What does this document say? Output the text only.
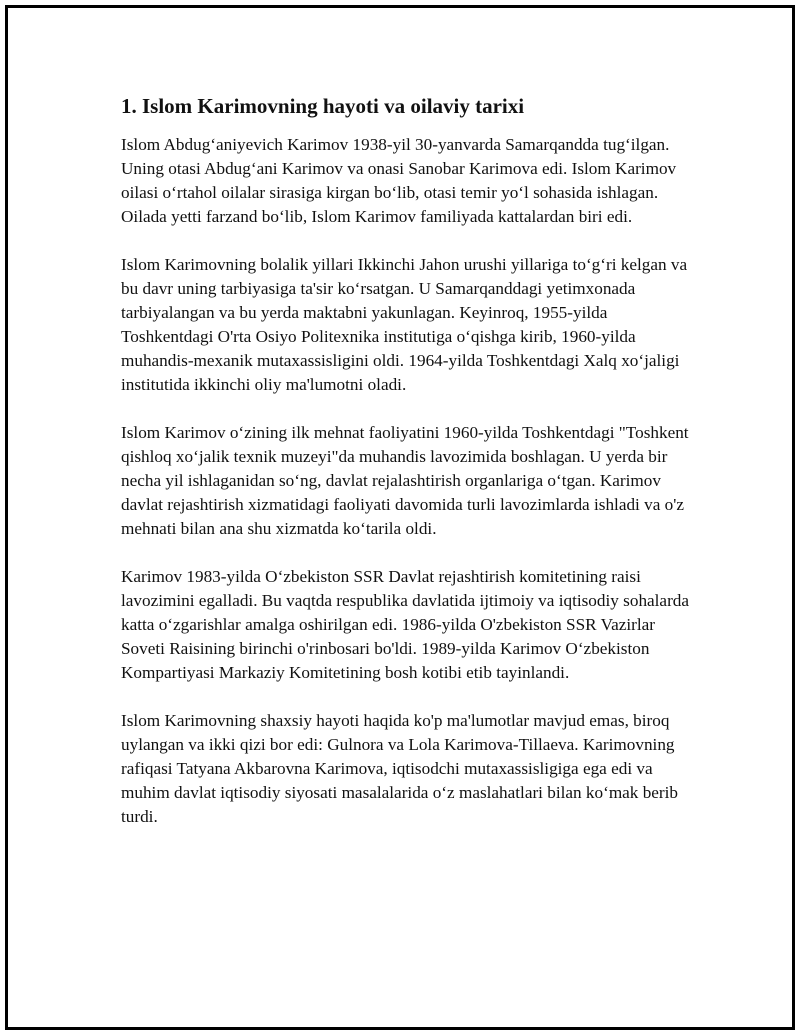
1. Islom Karimovning hayoti va oilaviy tarixi

Islom Abdug‘aniyevich Karimov 1938-yil 30-yanvarda Samarqandda tug‘ilgan. Uning otasi Abdug‘ani Karimov va onasi Sanobar Karimova edi. Islom Karimov oilasi o‘rtahol oilalar sirasiga kirgan bo‘lib, otasi temir yo‘l sohasida ishlagan. Oilada yetti farzand bo‘lib, Islom Karimov familiyada kattalardan biri edi.

Islom Karimovning bolalik yillari Ikkinchi Jahon urushi yillariga to‘g‘ri kelgan va bu davr uning tarbiyasiga ta'sir ko‘rsatgan. U Samarqanddagi yetimxonada tarbiyalangan va bu yerda maktabni yakunlagan. Keyinroq, 1955-yilda Toshkentdagi O'rta Osiyo Politexnika institutiga o‘qishga kirib, 1960-yilda muhandis-mexanik mutaxassisligini oldi. 1964-yilda Toshkentdagi Xalq xo‘jaligi institutida ikkinchi oliy ma'lumotni oladi.

Islom Karimov o‘zining ilk mehnat faoliyatini 1960-yilda Toshkentdagi "Toshkent qishloq xo‘jalik texnik muzeyi"da muhandis lavozimida boshlagan. U yerda bir necha yil ishlaganidan so‘ng, davlat rejalashtirish organlariga o‘tgan. Karimov davlat rejashtirish xizmatidagi faoliyati davomida turli lavozimlarda ishladi va o'z mehnati bilan ana shu xizmatda ko‘tarila oldi.

Karimov 1983-yilda O‘zbekiston SSR Davlat rejashtirish komitetining raisi lavozimini egalladi. Bu vaqtda respublika davlatida ijtimoiy va iqtisodiy sohalarda katta o‘zgarishlar amalga oshirilgan edi. 1986-yilda O'zbekiston SSR Vazirlar Soveti Raisining birinchi o'rinbosari bo'ldi. 1989-yilda Karimov O‘zbekiston Kompartiyasi Markaziy Komitetining bosh kotibi etib tayinlandi.

Islom Karimovning shaxsiy hayoti haqida ko'p ma'lumotlar mavjud emas, biroq uylangan va ikki qizi bor edi: Gulnora va Lola Karimova-Tillaeva. Karimovning rafiqasi Tatyana Akbarovna Karimova, iqtisodchi mutaxassisligiga ega edi va muhim davlat iqtisodiy siyosati masalalarida o‘z maslahatlari bilan ko‘mak berib turdi.
